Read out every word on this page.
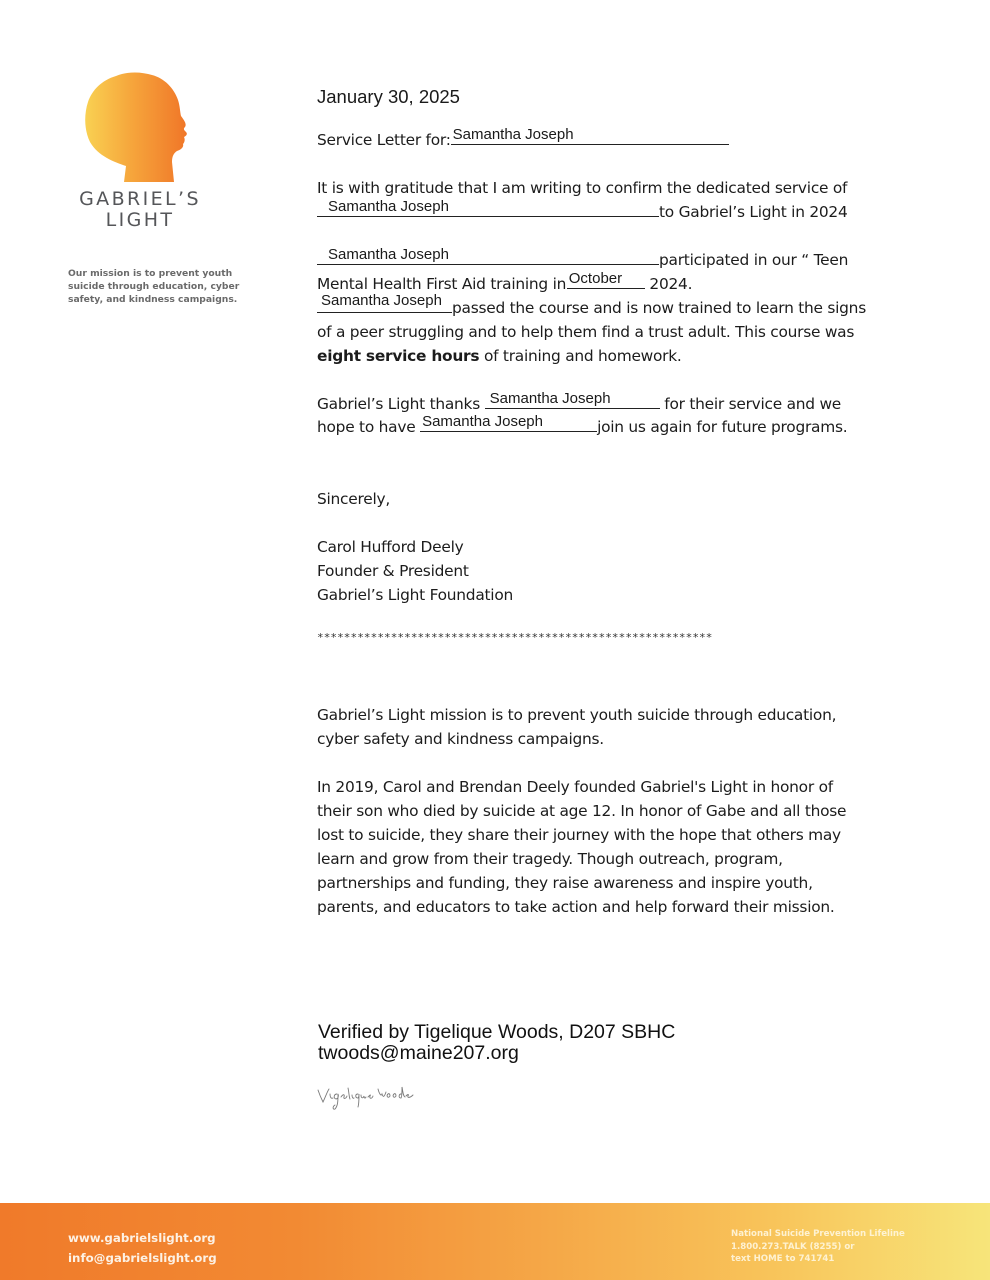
GABRIEL’S
LIGHT
Our mission is to prevent youth
suicide through education, cyber
safety, and kindness campaigns.
January 30, 2025
Service Letter for: Samantha Joseph
It is with gratitude that I am writing to confirm the dedicated service of
Samantha Joseph	to Gabriel’s Light in 2024
Samantha Joseph	participated in our “ Teen
Mental Health First Aid training in
October 2024.
Samantha Joseph passed the course and is now trained to learn the signs
of a peer struggling and to help them find a trust adult. This course was
eight service hours of training and homework.
Gabriel’s Light thanks Samantha Joseph	for their service and we
hope to have Samantha Joseph	join us again for future programs.
Sincerely,
Carol Hufford Deely
Founder & President
Gabriel’s Light Foundation
***********************************************************
Gabriel’s Light mission is to prevent youth suicide through education,
cyber safety and kindness campaigns.
In 2019, Carol and Brendan Deely founded Gabriel's Light in honor of
their son who died by suicide at age 12. In honor of Gabe and all those
lost to suicide, they share their journey with the hope that others may
learn and grow from their tragedy. Though outreach, program,
partnerships and funding, they raise awareness and inspire youth,
parents, and educators to take action and help forward their mission.
Verified by Tigelique Woods, D207 SBHC
twoods@maine207.org
www.gabrielslight.org
info@gabrielslight.org
National Suicide Prevention Lifeline
1.800.273.TALK (8255) or
text HOME to 741741
